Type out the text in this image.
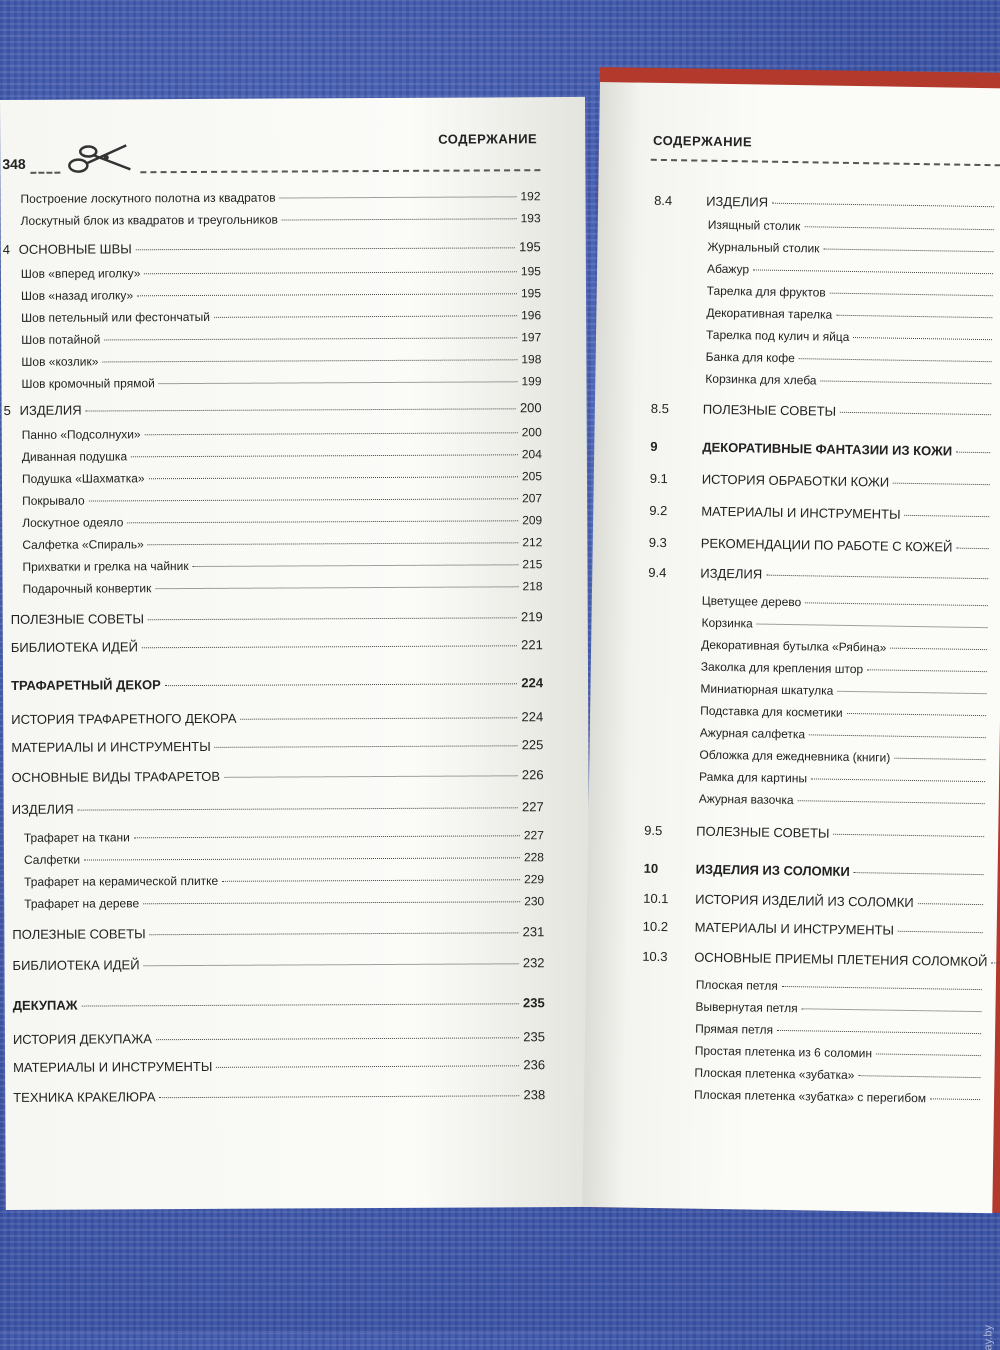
348
СОДЕРЖАНИЕ
Построение лоскутного полотна из квадратов	192
Лоскутный блок из квадратов и треугольников	193
4 ОСНОВНЫЕ ШВЫ	195
Шов «вперед иголку»	195
Шов «назад иголку»	195
Шов петельный или фестончатый	196
Шов потайной	197
Шов «козлик»	198
Шов кромочный прямой	199
5 ИЗДЕЛИЯ	200
Панно «Подсолнухи»	200
Диванная подушка	204
Подушка «Шахматка»	205
Покрывало	207
Лоскутное одеяло	209
Салфетка «Спираль»	212
Прихватки и грелка на чайник	215
Подарочный конвертик	218
ПОЛЕЗНЫЕ СОВЕТЫ	219
БИБЛИОТЕКА ИДЕЙ	221
ТРАФАРЕТНЫЙ ДЕКОР	224
ИСТОРИЯ ТРАФАРЕТНОГО ДЕКОРА	224
МАТЕРИАЛЫ И ИНСТРУМЕНТЫ	225
ОСНОВНЫЕ ВИДЫ ТРАФАРЕТОВ	226
ИЗДЕЛИЯ	227
Трафарет на ткани	227
Салфетки	228
Трафарет на керамической плитке	229
Трафарет на дереве	230
ПОЛЕЗНЫЕ СОВЕТЫ	231
БИБЛИОТЕКА ИДЕЙ	232
ДЕКУПАЖ	235
ИСТОРИЯ ДЕКУПАЖА	235
МАТЕРИАЛЫ И ИНСТРУМЕНТЫ	236
ТЕХНИКА КРАКЕЛЮРА	238
СОДЕРЖАНИЕ
8.4	ИЗДЕЛИЯ
Изящный столик
Журнальный столик
Абажур
Тарелка для фруктов
Декоративная тарелка
Тарелка под кулич и яйца
Банка для кофе
Корзинка для хлеба
8.5	ПОЛЕЗНЫЕ СОВЕТЫ
9	ДЕКОРАТИВНЫЕ ФАНТАЗИИ ИЗ КОЖИ
9.1	ИСТОРИЯ ОБРАБОТКИ КОЖИ
9.2	МАТЕРИАЛЫ И ИНСТРУМЕНТЫ
9.3	РЕКОМЕНДАЦИИ ПО РАБОТЕ С КОЖЕЙ
9.4	ИЗДЕЛИЯ
Цветущее дерево
Корзинка
Декоративная бутылка «Рябина»
Заколка для крепления штор
Миниатюрная шкатулка
Подставка для косметики
Ажурная салфетка
Обложка для ежедневника (книги)
Рамка для картины
Ажурная вазочка
9.5	ПОЛЕЗНЫЕ СОВЕТЫ
10	ИЗДЕЛИЯ ИЗ СОЛОМКИ
10.1	ИСТОРИЯ ИЗДЕЛИЙ ИЗ СОЛОМКИ
10.2	МАТЕРИАЛЫ И ИНСТРУМЕНТЫ
10.3	ОСНОВНЫЕ ПРИЕМЫ ПЛЕТЕНИЯ СОЛОМКОЙ
Плоская петля
Вывернутая петля
Прямая петля
Простая плетенка из 6 соломин
Плоская плетенка «зубатка»
Плоская плетенка «зубатка» с перегибом
ay.by
